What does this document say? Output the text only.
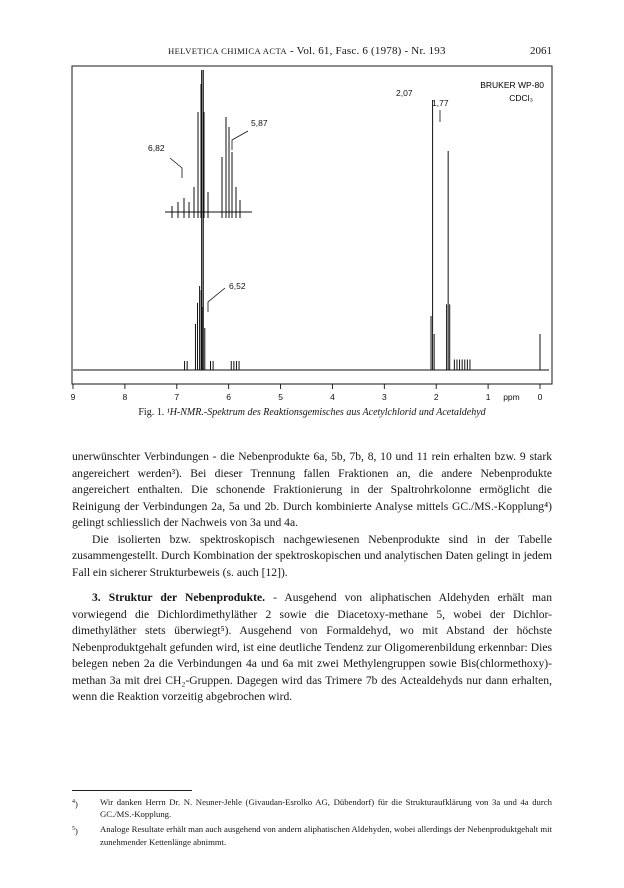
HELVETICA CHIMICA ACTA - Vol. 61, Fasc. 6 (1978) - Nr. 193	2061
BRUKER WP-80
CDCl₃
6,82
5,87
6,52
2,07
1,77
9	8	7	6	5	4	3	2	1	0
ppm
Fig. 1. ¹H-NMR.-Spektrum des Reaktionsgemisches aus Acetylchlorid und Acetaldehyd

unerwünschter Verbindungen - die Nebenprodukte 6a, 5b, 7b, 8, 10 und 11 rein erhalten bzw. 9 stark angereichert werden³). Bei dieser Trennung fallen Fraktionen an, die andere Nebenprodukte angereichert enthalten. Die schonende Fraktionierung in der Spaltrohrkolonne ermöglicht die Reinigung der Verbindungen 2a, 5a und 2b. Durch kombinierte Analyse mittels GC./MS.-Kopplung⁴) gelingt schliesslich der Nachweis von 3a und 4a.

Die isolierten bzw. spektroskopisch nachgewiesenen Nebenprodukte sind in der Tabelle zusammengestellt. Durch Kombination der spektroskopischen und analytischen Daten gelingt in jedem Fall ein sicherer Strukturbeweis (s. auch [12]).

3. Struktur der Nebenprodukte. - Ausgehend von aliphatischen Aldehyden erhält man vorwiegend die Dichlordimethyläther 2 sowie die Diacetoxy-methane 5, wobei der Dichlor-dimethyläther stets überwiegt⁵). Ausgehend von Formaldehyd, wo mit Abstand der höchste Nebenproduktgehalt gefunden wird, ist eine deutliche Tendenz zur Oligomerenbildung erkennbar: Dies belegen neben 2a die Verbindungen 4a und 6a mit zwei Methylengruppen sowie Bis(chlormethoxy)-methan 3a mit drei CH₂-Gruppen. Dagegen wird das Trimere 7b des Actealdehyds nur dann erhalten, wenn die Reaktion vorzeitig abgebrochen wird.

$^4$)	Wir danken Herrn Dr. N. Neuner-Jehle (Givaudan-Esrolko AG, Dübendorf) für die Strukturaufklärung von 3a und 4a durch GC./MS.-Kopplung.

$^5$)	Analoge Resultate erhält man auch ausgehend von andern aliphatischen Aldehyden, wobei allerdings der Nebenproduktgehalt mit zunehmender Kettenlänge abnimmt.
